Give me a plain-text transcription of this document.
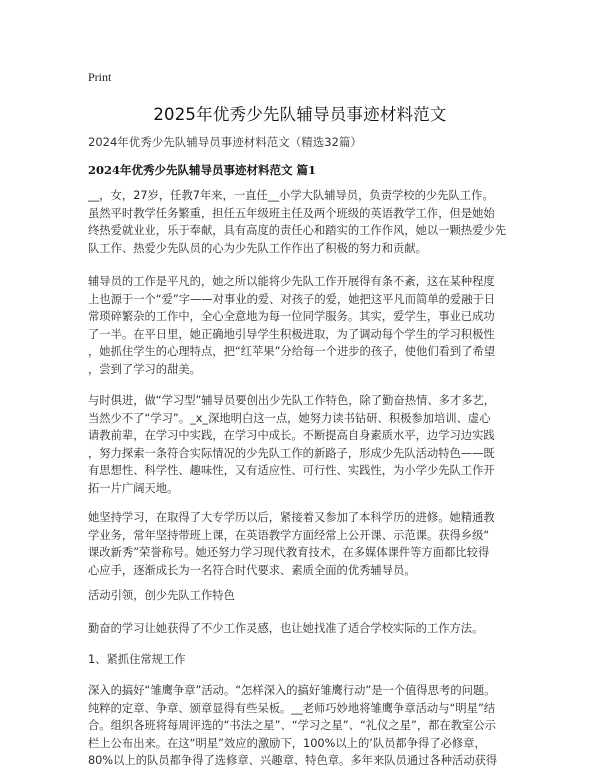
Print
2025年优秀少先队辅导员事迹材料范文
2024年优秀少先队辅导员事迹材料范文（精选32篇）
2024年优秀少先队辅导员事迹材料范文 篇1
__，女，27岁，任教7年来，一直任__小学大队辅导员，负责学校的少先队工作。
虽然平时教学任务繁重，担任五年级班主任及两个班级的英语教学工作，但是她始
终热爱就业业，乐于奉献，具有高度的责任心和踏实的工作作风，她以一颗热爱少先
队工作、热爱少先队员的心为少先队工作作出了积极的努力和贡献。
辅导员的工作是平凡的，她之所以能将少先队工作开展得有条不紊，这在某种程度
上也源于一个“爱”字——对事业的爱、对孩子的爱，她把这平凡而简单的爱融于日
常琐碎繁杂的工作中，全心全意地为每一位同学服务。其实，爱学生，事业已成功
了一半。在平日里，她正确地引导学生积极进取，为了调动每个学生的学习积极性
，她抓住学生的心理特点，把“红苹果”分给每一个进步的孩子，使他们看到了希望
，尝到了学习的甜美。
与时俱进，做“学习型”辅导员要创出少先队工作特色，除了勤奋热情、多才多艺，
当然少不了“学习”。_x_深地明白这一点，她努力读书钻研、积极参加培训、虚心
请教前辈，在学习中实践，在学习中成长。不断提高自身素质水平，边学习边实践
，努力探索一条符合实际情况的少先队工作的新路子，形成少先队活动特色——既
有思想性、科学性、趣味性，又有适应性、可行性、实践性，为小学少先队工作开
拓一片广阔天地。
她坚持学习，在取得了大专学历以后，紧接着又参加了本科学历的进修。她精通教
学业务，常年坚持带班上课，在英语教学方面经常上公开课、示范课。获得乡级“
课改新秀”荣誉称号。她还努力学习现代教育技术，在多媒体课件等方面都比较得
心应手，逐渐成长为一名符合时代要求、素质全面的优秀辅导员。
活动引领，创少先队工作特色
勤奋的学习让她获得了不少工作灵感，也让她找准了适合学校实际的工作方法。
1、紧抓住常规工作
深入的搞好“雏鹰争章”活动。“怎样深入的搞好雏鹰行动”是一个值得思考的问题。
纯粹的定章、争章、颁章显得有些呆板。__老师巧妙地将雏鹰争章活动与“明星”结
合。组织各班将每周评选的“书法之星”、“学习之星”、“礼仪之星”，都在教室公示
栏上公布出来。在这“明星”效应的激励下，100%以上的’队员都争得了必修章，
80%以上的队员都争得了选修章、兴趣章、特色章。多年来队员通过各种活动获得
